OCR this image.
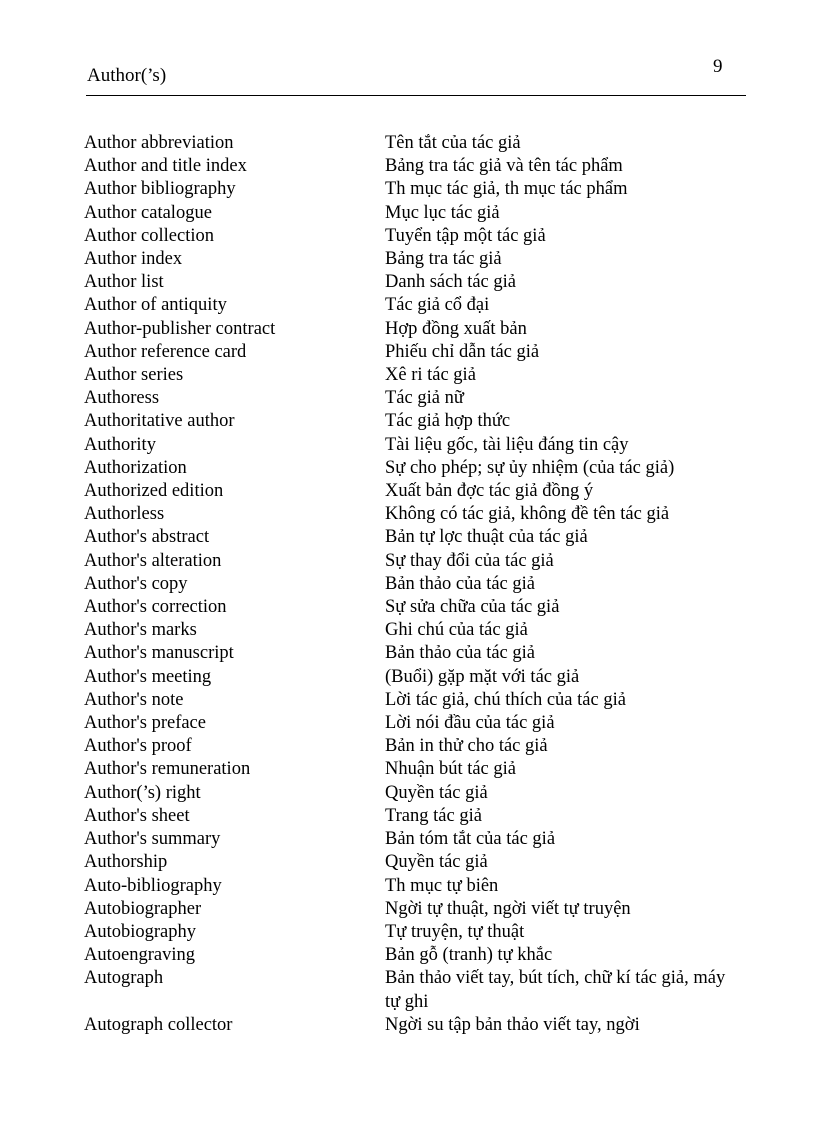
Author(’s)	9
Author abbreviation	Tên tắt của tác giả
Author and title index	Bảng tra tác giả và tên tác phẩm
Author bibliography	Th mục tác giả, th mục tác phẩm
Author catalogue	Mục lục tác giả
Author collection	Tuyển tập một tác giả
Author index	Bảng tra tác giả
Author list	Danh sách tác giả
Author of antiquity	Tác giả cổ đại
Author-publisher contract	Hợp đồng xuất bản
Author reference card	Phiếu chỉ dẫn tác giả
Author series	Xê ri tác giả
Authoress	Tác giả nữ
Authoritative author	Tác giả hợp thức
Authority	Tài liệu gốc, tài liệu đáng tin cậy
Authorization	Sự cho phép; sự ủy nhiệm (của tác giả)
Authorized edition	Xuất bản đợc tác giả đồng ý
Authorless	Không có tác giả, không đề tên tác giả
Author's abstract	Bản tự lợc thuật của tác giả
Author's alteration	Sự thay đổi của tác giả
Author's copy	Bản thảo của tác giả
Author's correction	Sự sửa chữa của tác giả
Author's marks	Ghi chú của tác giả
Author's manuscript	Bản thảo của tác giả
Author's meeting	(Buổi) gặp mặt với tác giả
Author's note	Lời tác giả, chú thích của tác giả
Author's preface	Lời nói đầu của tác giả
Author's proof	Bản in thử cho tác giả
Author's remuneration	Nhuận bút tác giả
Author(’s) right	Quyền tác giả
Author's sheet	Trang tác giả
Author's summary	Bản tóm tắt của tác giả
Authorship	Quyền tác giả
Auto-bibliography	Th mục tự biên
Autobiographer	Ngời tự thuật, ngời viết tự truyện
Autobiography	Tự truyện, tự thuật
Autoengraving	Bản gỗ (tranh) tự khắc
Autograph	Bản thảo viết tay, bút tích, chữ kí tác giả, máy tự ghi
Autograph collector	Ngời su tập bản thảo viết tay, ngời
